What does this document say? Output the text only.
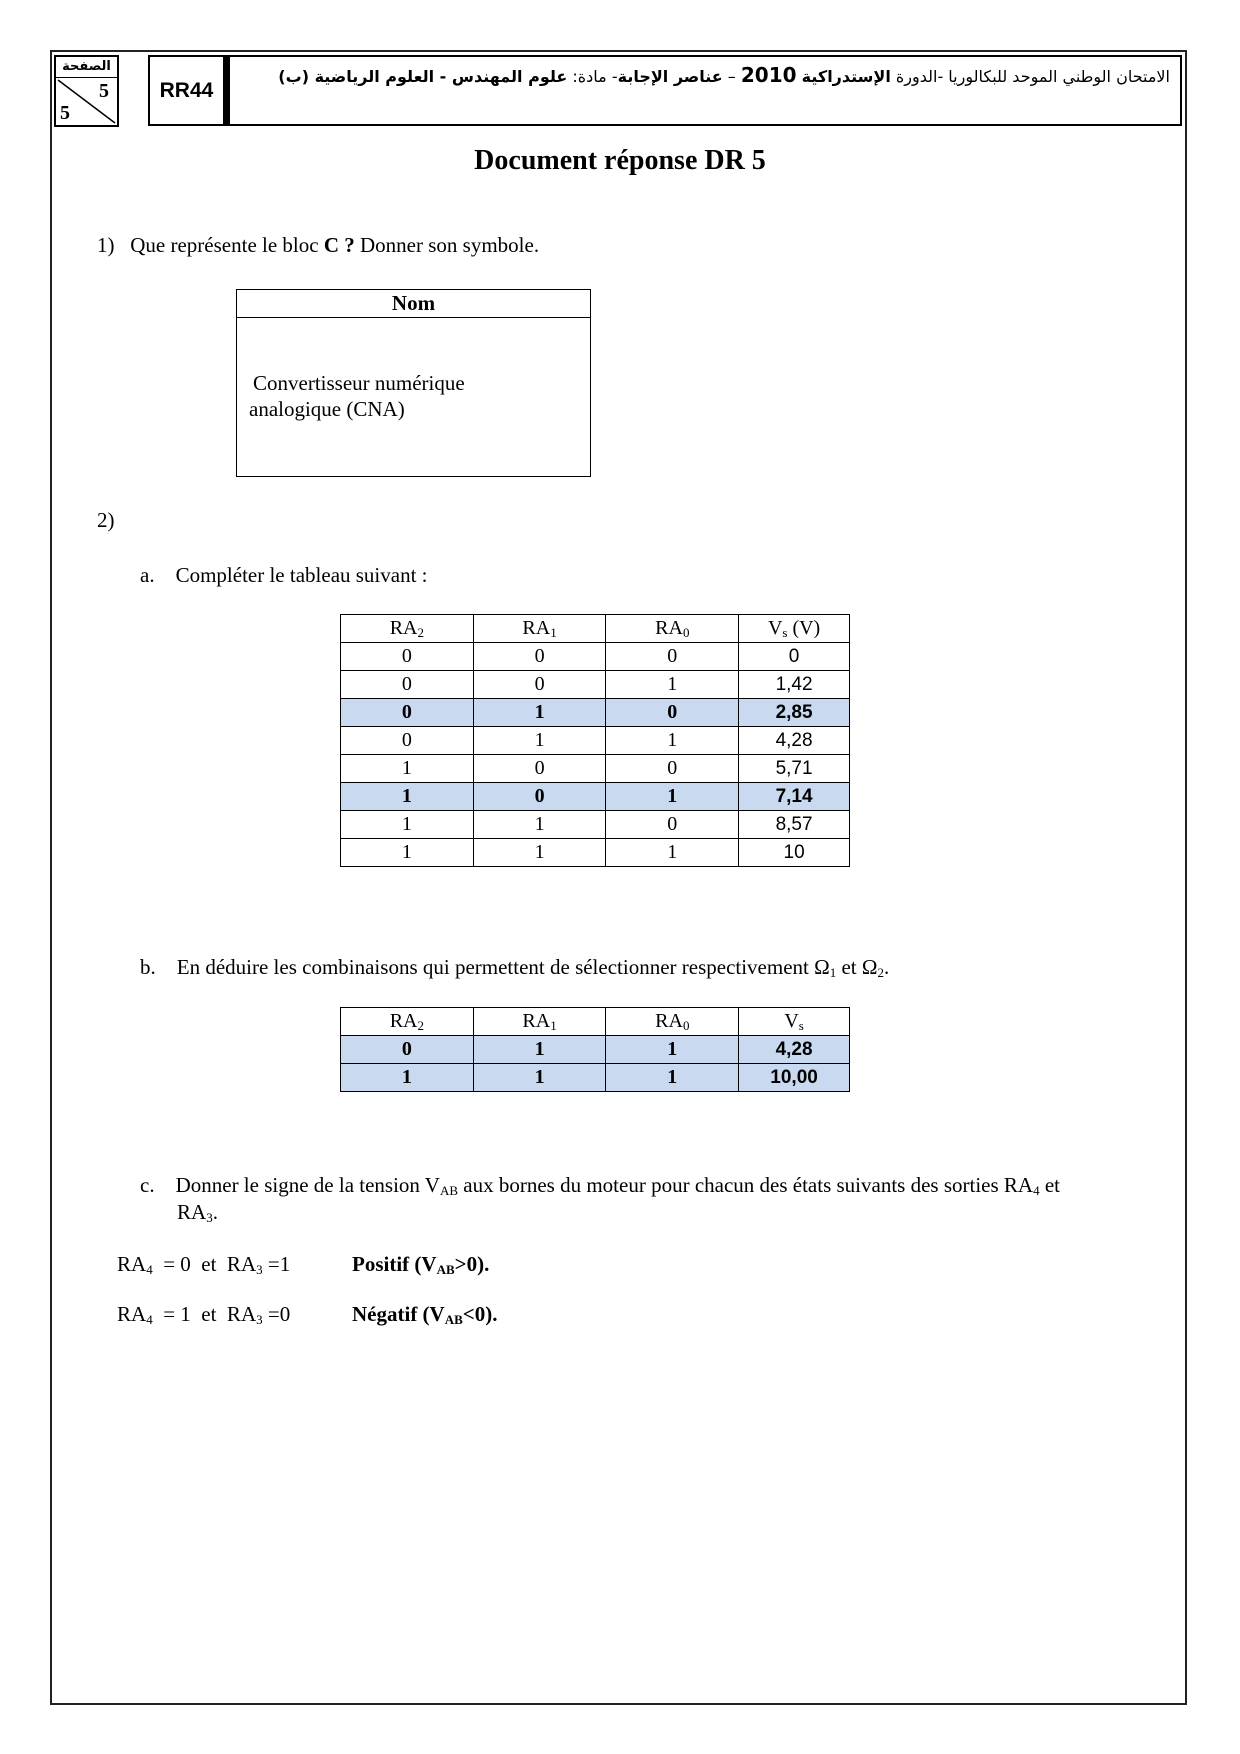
الصفحة
5
5
RR44
الامتحان الوطني الموحد للبكالوريا -الدورة الإستدراكية 2010 – عناصر الإجابة- مادة: علوم المهندس - العلوم الرياضية (ب)
Document réponse DR 5
1) Que représente le bloc C ? Donner son symbole.
Nom
Convertisseur numérique
analogique (CNA)
2)
a. Compléter le tableau suivant :
$RA_2$	$RA_1$	$RA_0$	$V_s$ (V)
0	0	0	0
0	0	1	1,42
0	1	0	2,85
0	1	1	4,28
1	0	0	5,71
1	0	1	7,14
1	1	0	8,57
1	1	1	10
b. En déduire les combinaisons qui permettent de sélectionner respectivement $\Omega_1$ et $\Omega_2$.
$RA_2$	$RA_1$	$RA_0$	$V_s$
0	1	1	4,28
1	1	1	10,00
c. Donner le signe de la tension $V_{AB}$ aux bornes du moteur pour chacun des états suivants des sorties $RA_4$ et
$RA_3$.
$RA_4 = 0$  et  $RA_3 =1$	Positif $(V_{AB}>0)$.
$RA_4 = 1$  et  $RA_3 =0$	Négatif $(V_{AB}<0)$.
